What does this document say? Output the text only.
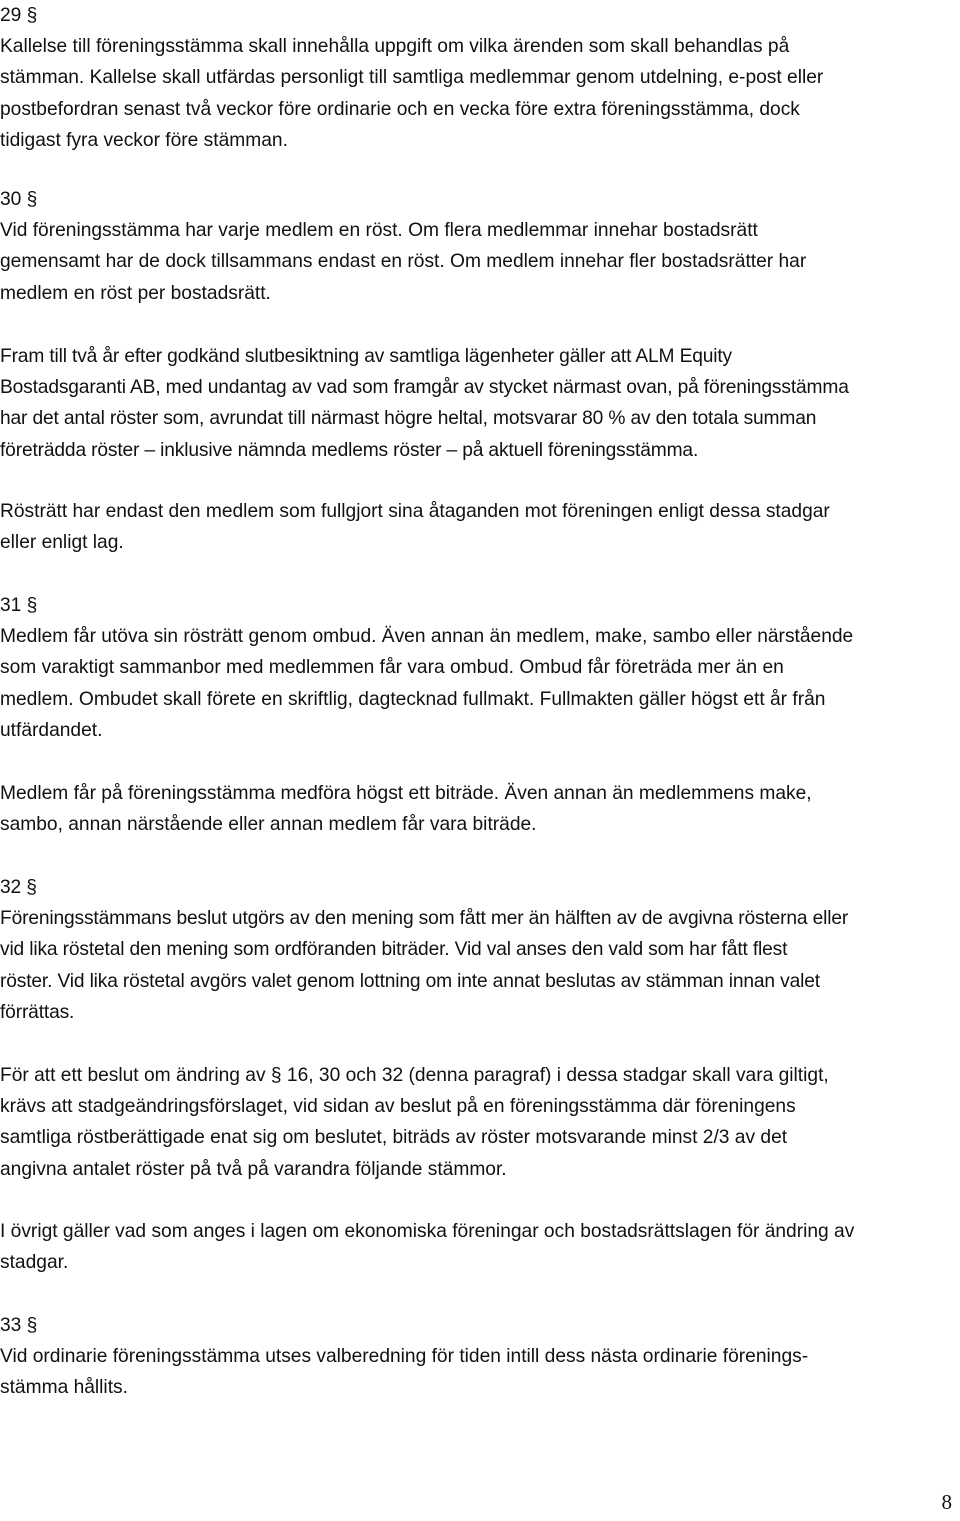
29 §
Kallelse till föreningsstämma skall innehålla uppgift om vilka ärenden som skall behandlas på
stämman. Kallelse skall utfärdas personligt till samtliga medlemmar genom utdelning, e-post eller
postbefordran senast två veckor före ordinarie och en vecka före extra föreningsstämma, dock
tidigast fyra veckor före stämman.
30 §
Vid föreningsstämma har varje medlem en röst. Om flera medlemmar innehar bostadsrätt
gemensamt har de dock tillsammans endast en röst. Om medlem innehar fler bostadsrätter har
medlem en röst per bostadsrätt.
Fram till två år efter godkänd slutbesiktning av samtliga lägenheter gäller att ALM Equity
Bostadsgaranti AB, med undantag av vad som framgår av stycket närmast ovan, på föreningsstämma
har det antal röster som, avrundat till närmast högre heltal, motsvarar 80 % av den totala summan
företrädda röster – inklusive nämnda medlems röster – på aktuell föreningsstämma.
Rösträtt har endast den medlem som fullgjort sina åtaganden mot föreningen enligt dessa stadgar
eller enligt lag.
31 §
Medlem får utöva sin rösträtt genom ombud. Även annan än medlem, make, sambo eller närstående
som varaktigt sammanbor med medlemmen får vara ombud. Ombud får företräda mer än en
medlem. Ombudet skall förete en skriftlig, dagtecknad fullmakt. Fullmakten gäller högst ett år från
utfärdandet.
Medlem får på föreningsstämma medföra högst ett biträde. Även annan än medlemmens make,
sambo, annan närstående eller annan medlem får vara biträde.
32 §
Föreningsstämmans beslut utgörs av den mening som fått mer än hälften av de avgivna rösterna eller
vid lika röstetal den mening som ordföranden biträder. Vid val anses den vald som har fått flest
röster. Vid lika röstetal avgörs valet genom lottning om inte annat beslutas av stämman innan valet
förrättas.
För att ett beslut om ändring av § 16, 30 och 32 (denna paragraf) i dessa stadgar skall vara giltigt,
krävs att stadgeändringsförslaget, vid sidan av beslut på en föreningsstämma där föreningens
samtliga röstberättigade enat sig om beslutet, biträds av röster motsvarande minst 2/3 av det
angivna antalet röster på två på varandra följande stämmor.
I övrigt gäller vad som anges i lagen om ekonomiska föreningar och bostadsrättslagen för ändring av
stadgar.
33 §
Vid ordinarie föreningsstämma utses valberedning för tiden intill dess nästa ordinarie förenings-
stämma hållits.
8
